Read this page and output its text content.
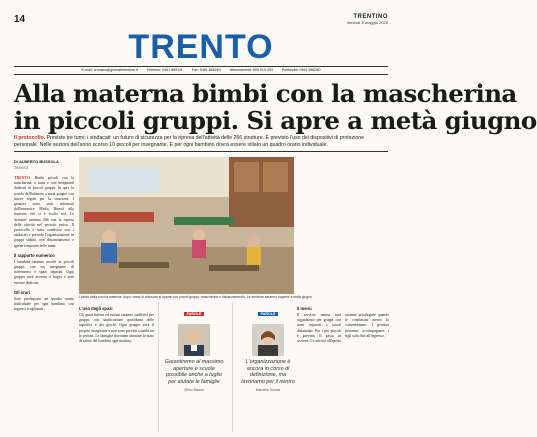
14	TRENTINO
Venerdì 8 maggio 2020
TRENTO
E-mail: cronaca@giornaletrentino.it	Telefono: 0461.885111	Fax: 0461.886263	Abbonamenti: 800.010.333	Pubblicità: 0461.986280
Alla materna bimbi con la mascherina
in piccoli gruppi. Si apre a metà giugno
Il protocollo. Previste tre turni; i sindacati: un futuro di sicurezza per la ripresa dell'attività delle 266 strutture. È previsto l'uso dei dispositivi di protezione personale. Nelle sezioni dell'anno scorso 10 piccoli per insegnante. E per ogni bambino dovrà essere stilato un quadro orario individuale.
DI ALBERTO BUSSOLA
TRENTO
TRENTO. Bimbi piccoli con la mascherina, a turni e con insegnanti dedicati in piccoli gruppi. Si apre la scuola dell'infanzia a metà giugno con nuove regole per la sicurezza. I genitori sono stati informati dall'assessore Mirko Bisesti alla riunione che si è svolta ieri. Le strutture saranno 266 con la ripresa delle attività nel periodo estivo. Il protocollo è stato condiviso con i sindacati e prevede l'organizzazione in gruppi stabili, con distanziamento e igiene frequente delle mani.
Il rapporto numerico
I bambini saranno accolti in piccoli gruppi, con un insegnante di riferimento e spazi separati. Ogni gruppo avrà accesso a bagni e aree esterne dedicate.
Gli orari
Sarà predisposto un quadro orario individuale per ogni bambino, con ingressi scaglionati.
I bimbi della scuola materna: dopo i mesi di chiusura si riparte con piccoli gruppi, mascherine e distanziamento. Le strutture saranno riaperte a metà giugno
L'uso degli spazi
Gli spazi interni ed esterni saranno suddivisi per gruppi, con sanificazione quotidiana delle superfici e dei giochi. Ogni gruppo avrà il proprio insegnante e non sono previsti scambi tra le sezioni. Le famiglie dovranno attestare lo stato di salute dei bambini ogni mattina.
PAROLE
Garantiremo al massimo aperture e scuole possibile anche a luglio per aiutare le famiglie
Mirko Bisesti
PAROLE
L'organizzazione è ancora in corso di definizione, ma lavoriamo per il rientro
Marcella Tomasi
Il menù
Il servizio mensa sarà organizzato per gruppi con turni separati e tavoli distanziati. Per i più piccoli è previsto il pasto in sezione. Le attività all'aperto saranno privilegiate quando le condizioni meteo lo consentiranno. I genitori potranno accompagnare i figli solo fino all'ingresso.
